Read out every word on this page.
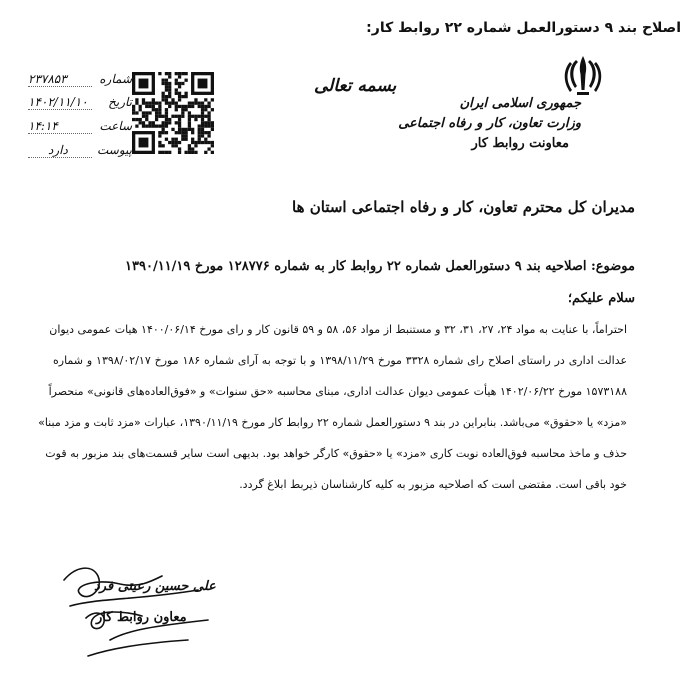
اصلاح بند ۹ دستورالعمل شماره ۲۲ روابط کار:
جمهوری اسلامی ایران
وزارت تعاون، کار و رفاه اجتماعی
معاونت روابط کار
بسمه تعالی
شماره
۲۳۷۸۵۳
تاریخ
۱۴۰۲/۱۱/۱۰
ساعت
۱۴:۱۴
پیوست
دارد
مدیران کل محترم تعاون، کار و رفاه اجتماعی استان ها
موضوع: اصلاحیه بند ۹ دستورالعمل شماره ۲۲ روابط کار به شماره ۱۲۸۷۷۶ مورخ ۱۳۹۰/۱۱/۱۹
سلام علیکم؛
احتراماً، با عنایت به مواد ۲۴، ۲۷، ۳۱، ۳۲ و مستنبط از مواد ۵۶، ۵۸ و ۵۹ قانون کار و رای مورخ ۱۴۰۰/۰۶/۱۴ هیات عمومی دیوان
عدالت اداری در راستای اصلاح رای شماره ۳۳۲۸ مورخ ۱۳۹۸/۱۱/۲۹ و با توجه به آرای شماره ۱۸۶ مورخ ۱۳۹۸/۰۲/۱۷ و شماره
۱۵۷۳۱۸۸ مورخ ۱۴۰۲/۰۶/۲۲ هیأت عمومی دیوان عدالت اداری، مبنای محاسبه «حق سنوات» و «فوق‌العاده‌های قانونی» منحصراً
«مزد» یا «حقوق» می‌باشد. بنابراین در بند ۹ دستورالعمل شماره ۲۲ روابط کار مورخ ۱۳۹۰/۱۱/۱۹، عبارات «مزد ثابت و مزد مبنا»
حذف و ماخذ محاسبه فوق‌العاده نوبت کاری «مزد» یا «حقوق» کارگر خواهد بود. بدیهی است سایر قسمت‌های بند مزبور به قوت
خود باقی است. مقتضی است که اصلاحیه مزبور به کلیه کارشناسان ذیربط ابلاغ گردد.
علی حسین رعیتی فرد
معاون روابط کار
